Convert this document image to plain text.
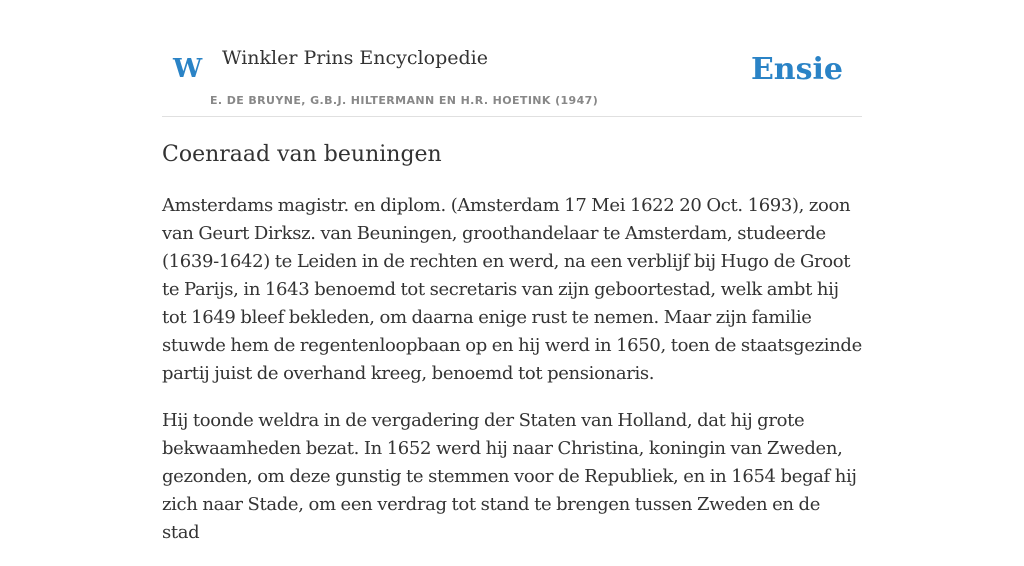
W Winkler Prins Encyclopedie
E. DE BRUYNE, G.B.J. HILTERMANN EN H.R. HOETINK (1947)
Ensie
Coenraad van beuningen

Amsterdams magistr. en diplom. (Amsterdam 17 Mei 1622 20 Oct. 1693), zoon van Geurt Dirksz. van Beuningen, groothandelaar te Amsterdam, studeerde (1639-1642) te Leiden in de rechten en werd, na een verblijf bij Hugo de Groot te Parijs, in 1643 benoemd tot secretaris van zijn geboortestad, welk ambt hij tot 1649 bleef bekleden, om daarna enige rust te nemen. Maar zijn familie stuwde hem de regentenloopbaan op en hij werd in 1650, toen de staatsgezinde partij juist de overhand kreeg, benoemd tot pensionaris.

Hij toonde weldra in de vergadering der Staten van Holland, dat hij grote bekwaamheden bezat. In 1652 werd hij naar Christina, koningin van Zweden, gezonden, om deze gunstig te stemmen voor de Republiek, en in 1654 begaf hij zich naar Stade, om een verdrag tot stand te brengen tussen Zweden en de stad
